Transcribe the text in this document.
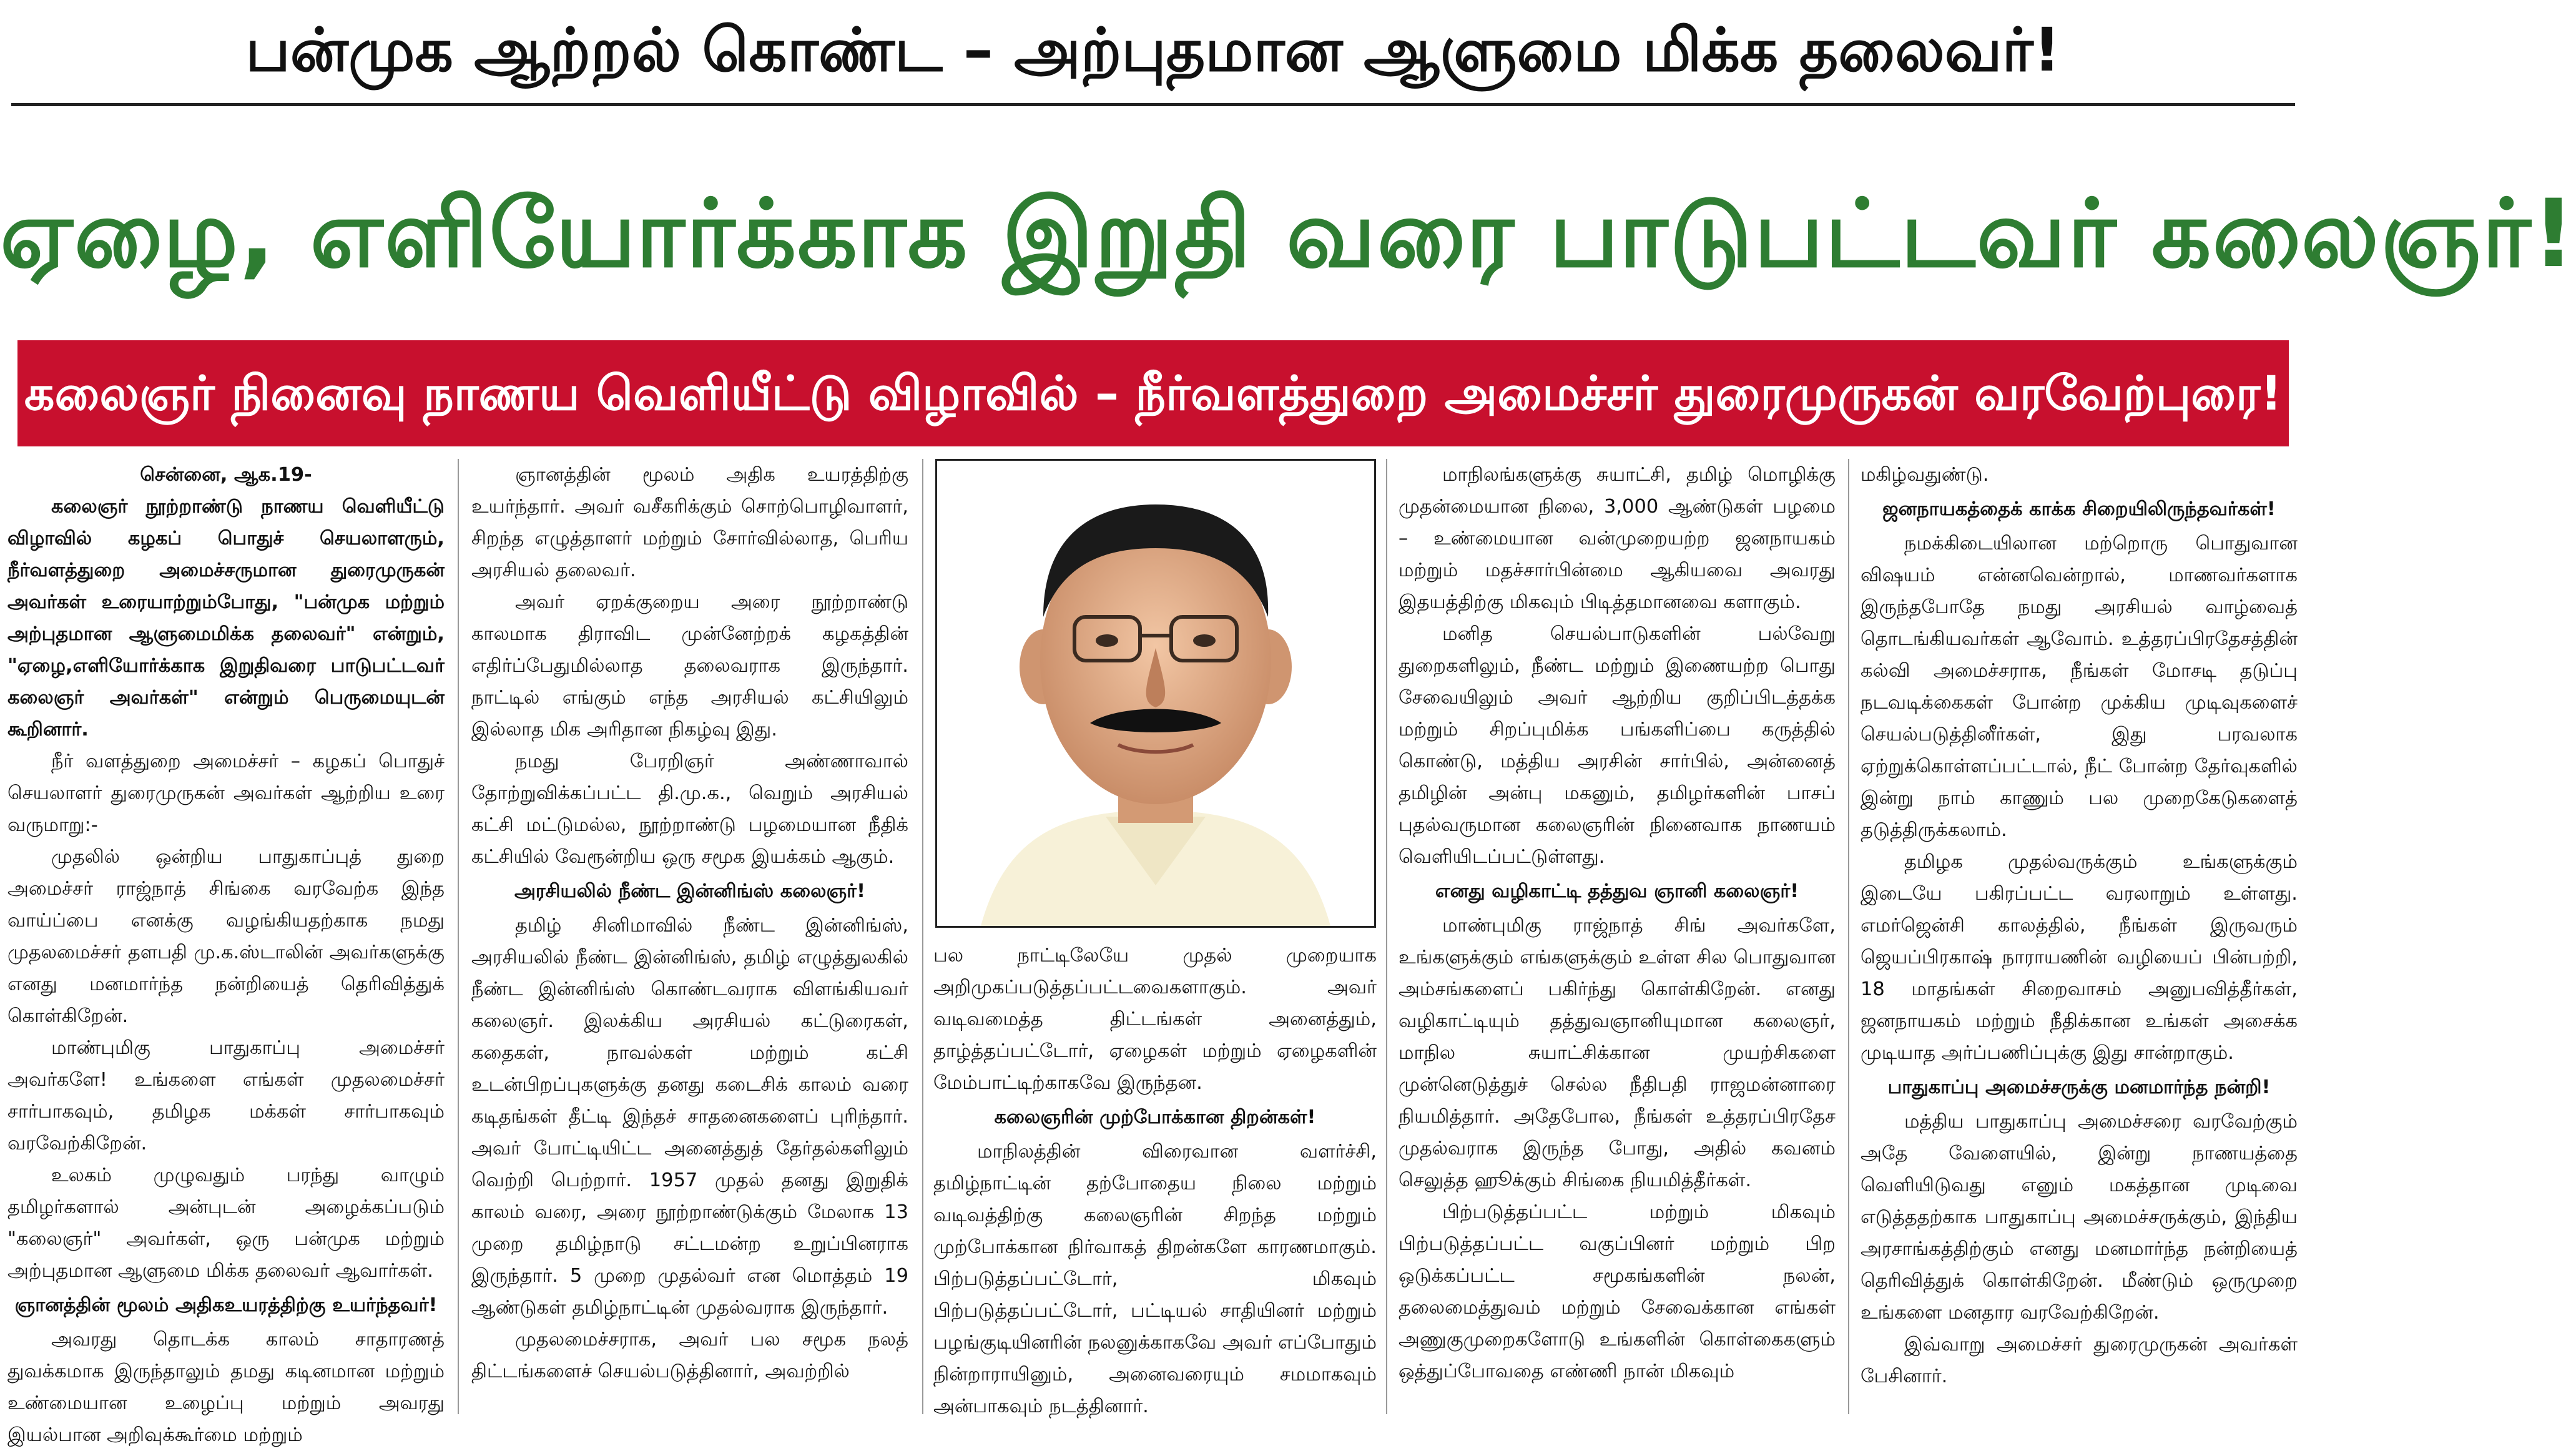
பன்முக ஆற்றல் கொண்ட – அற்புதமான ஆளுமை மிக்க தலைவர்!
ஏழை, எளியோர்க்காக இறுதி வரை பாடுபட்டவர் கலைஞர்!
கலைஞர் நினைவு நாணய வெளியீட்டு விழாவில் – நீர்வளத்துறை அமைச்சர் துரைமுருகன் வரவேற்புரை!

சென்னை, ஆக.19-

கலைஞர் நூற்றாண்டு நாணய வெளியீட்டு விழாவில் கழகப் பொதுச் செயலாளரும், நீர்வளத்துறை அமைச்சருமான துரைமுருகன் அவர்கள் உரையாற்றும்போது, "பன்முக மற்றும் அற்புதமான ஆளுமைமிக்க தலைவர்" என்றும், "ஏழை,எளியோர்க்காக இறுதிவரை பாடுபட்டவர் கலைஞர் அவர்கள்" என்றும் பெருமையுடன் கூறினார்.

நீர் வளத்துறை அமைச்சர் – கழகப் பொதுச் செயலாளர் துரைமுருகன் அவர்கள் ஆற்றிய உரை வருமாறு:-

முதலில் ஒன்றிய பாதுகாப்புத் துறை அமைச்சர் ராஜ்நாத் சிங்கை வரவேற்க இந்த வாய்ப்பை எனக்கு வழங்கியதற்காக நமது முதலமைச்சர் தளபதி மு.க.ஸ்டாலின் அவர்களுக்கு எனது மனமார்ந்த நன்றியைத் தெரிவித்துக் கொள்கிறேன்.

மாண்புமிகு பாதுகாப்பு அமைச்சர் அவர்களே! உங்களை எங்கள் முதலமைச்சர் சார்பாகவும், தமிழக மக்கள் சார்பாகவும் வரவேற்கிறேன்.

உலகம் முழுவதும் பரந்து வாழும் தமிழர்களால் அன்புடன் அழைக்கப்படும் "கலைஞர்" அவர்கள், ஒரு பன்முக மற்றும் அற்புதமான ஆளுமை மிக்க தலைவர் ஆவார்கள்.

ஞானத்தின் மூலம் அதிகஉயரத்திற்கு உயர்ந்தவர்!

அவரது தொடக்க காலம் சாதாரணத் துவக்கமாக இருந்தாலும் தமது கடினமான மற்றும் உண்மையான உழைப்பு மற்றும் அவரது இயல்பான அறிவுக்கூர்மை மற்றும்

ஞானத்தின் மூலம் அதிக உயரத்திற்கு உயர்ந்தார். அவர் வசீகரிக்கும் சொற்பொழிவாளர், சிறந்த எழுத்தாளர் மற்றும் சோர்வில்லாத, பெரிய அரசியல் தலைவர்.

அவர் ஏறக்குறைய அரை நூற்றாண்டு காலமாக திராவிட முன்னேற்றக் கழகத்தின் எதிர்ப்பேதுமில்லாத தலைவராக இருந்தார். நாட்டில் எங்கும் எந்த அரசியல் கட்சியிலும் இல்லாத மிக அரிதான நிகழ்வு இது.

நமது பேரறிஞர் அண்ணாவால் தோற்றுவிக்கப்பட்ட தி.மு.க., வெறும் அரசியல் கட்சி மட்டுமல்ல, நூற்றாண்டு பழமையான நீதிக் கட்சியில் வேரூன்றிய ஒரு சமூக இயக்கம் ஆகும்.

அரசியலில் நீண்ட இன்னிங்ஸ் கலைஞர்!

தமிழ் சினிமாவில் நீண்ட இன்னிங்ஸ், அரசியலில் நீண்ட இன்னிங்ஸ், தமிழ் எழுத்துலகில் நீண்ட இன்னிங்ஸ் கொண்டவராக விளங்கியவர் கலைஞர். இலக்கிய அரசியல் கட்டுரைகள், கதைகள், நாவல்கள் மற்றும் கட்சி உடன்பிறப்புகளுக்கு தனது கடைசிக் காலம் வரை கடிதங்கள் தீட்டி இந்தச் சாதனைகளைப் புரிந்தார். அவர் போட்டியிட்ட அனைத்துத் தேர்தல்களிலும் வெற்றி பெற்றார். 1957 முதல் தனது இறுதிக் காலம் வரை, அரை நூற்றாண்டுக்கும் மேலாக 13 முறை தமிழ்நாடு சட்டமன்ற உறுப்பினராக இருந்தார். 5 முறை முதல்வர் என மொத்தம் 19 ஆண்டுகள் தமிழ்நாட்டின் முதல்வராக இருந்தார்.

முதலமைச்சராக, அவர் பல சமூக நலத் திட்டங்களைச் செயல்படுத்தினார், அவற்றில்

பல நாட்டிலேயே முதல் முறையாக அறிமுகப்படுத்தப்பட்டவைகளாகும். அவர் வடிவமைத்த திட்டங்கள் அனைத்தும், தாழ்த்தப்பட்டோர், ஏழைகள் மற்றும் ஏழைகளின் மேம்பாட்டிற்காகவே இருந்தன.

கலைஞரின் முற்போக்கான திறன்கள்!

மாநிலத்தின் விரைவான வளர்ச்சி, தமிழ்நாட்டின் தற்போதைய நிலை மற்றும் வடிவத்திற்கு கலைஞரின் சிறந்த மற்றும் முற்போக்கான நிர்வாகத் திறன்களே காரணமாகும். பிற்படுத்தப்பட்டோர், மிகவும் பிற்படுத்தப்பட்டோர், பட்டியல் சாதியினர் மற்றும் பழங்குடியினரின் நலனுக்காகவே அவர் எப்போதும் நின்றாராயினும், அனைவரையும் சமமாகவும் அன்பாகவும் நடத்தினார்.

மாநிலங்களுக்கு சுயாட்சி, தமிழ் மொழிக்கு முதன்மையான நிலை, 3,000 ஆண்டுகள் பழமை – உண்மையான வன்முறையற்ற ஜனநாயகம் மற்றும் மதச்சார்பின்மை ஆகியவை அவரது இதயத்திற்கு மிகவும் பிடித்தமானவை களாகும்.

மனித செயல்பாடுகளின் பல்வேறு துறைகளிலும், நீண்ட மற்றும் இணையற்ற பொது சேவையிலும் அவர் ஆற்றிய குறிப்பிடத்தக்க மற்றும் சிறப்புமிக்க பங்களிப்பை கருத்தில் கொண்டு, மத்திய அரசின் சார்பில், அன்னைத் தமிழின் அன்பு மகனும், தமிழர்களின் பாசப் புதல்வருமான கலைஞரின் நினைவாக நாணயம் வெளியிடப்பட்டுள்ளது.

எனது வழிகாட்டி தத்துவ ஞானி கலைஞர்!

மாண்புமிகு ராஜ்நாத் சிங் அவர்களே, உங்களுக்கும் எங்களுக்கும் உள்ள சில பொதுவான அம்சங்களைப் பகிர்ந்து கொள்கிறேன். எனது வழிகாட்டியும் தத்துவஞானியுமான கலைஞர், மாநில சுயாட்சிக்கான முயற்சிகளை முன்னெடுத்துச் செல்ல நீதிபதி ராஜமன்னாரை நியமித்தார். அதேபோல, நீங்கள் உத்தரப்பிரதேச முதல்வராக இருந்த போது, அதில் கவனம் செலுத்த ஹூக்கும் சிங்கை நியமித்தீர்கள்.

பிற்படுத்தப்பட்ட மற்றும் மிகவும் பிற்படுத்தப்பட்ட வகுப்பினர் மற்றும் பிற ஒடுக்கப்பட்ட சமூகங்களின் நலன், தலைமைத்துவம் மற்றும் சேவைக்கான எங்கள் அணுகுமுறைகளோடு உங்களின் கொள்கைகளும் ஒத்துப்போவதை எண்ணி நான் மிகவும்

மகிழ்வதுண்டு.

ஜனநாயகத்தைக் காக்க சிறையிலிருந்தவர்கள்!

நமக்கிடையிலான மற்றொரு பொதுவான விஷயம் என்னவென்றால், மாணவர்களாக இருந்தபோதே நமது அரசியல் வாழ்வைத் தொடங்கியவர்கள் ஆவோம். உத்தரப்பிரதேசத்தின் கல்வி அமைச்சராக, நீங்கள் மோசடி தடுப்பு நடவடிக்கைகள் போன்ற முக்கிய முடிவுகளைச் செயல்படுத்தினீர்கள், இது பரவலாக ஏற்றுக்கொள்ளப்பட்டால், நீட் போன்ற தேர்வுகளில் இன்று நாம் காணும் பல முறைகேடுகளைத் தடுத்திருக்கலாம்.

தமிழக முதல்வருக்கும் உங்களுக்கும் இடையே பகிரப்பட்ட வரலாறும் உள்ளது. எமர்ஜென்சி காலத்தில், நீங்கள் இருவரும் ஜெயப்பிரகாஷ் நாராயணின் வழியைப் பின்பற்றி, 18 மாதங்கள் சிறைவாசம் அனுபவித்தீர்கள், ஜனநாயகம் மற்றும் நீதிக்கான உங்கள் அசைக்க முடியாத அர்ப்பணிப்புக்கு இது சான்றாகும்.

பாதுகாப்பு அமைச்சருக்கு மனமார்ந்த நன்றி!

மத்திய பாதுகாப்பு அமைச்சரை வரவேற்கும் அதே வேளையில், இன்று நாணயத்தை வெளியிடுவது எனும் மகத்தான முடிவை எடுத்ததற்காக பாதுகாப்பு அமைச்சருக்கும், இந்திய அரசாங்கத்திற்கும் எனது மனமார்ந்த நன்றியைத் தெரிவித்துக் கொள்கிறேன். மீண்டும் ஒருமுறை உங்களை மனதார வரவேற்கிறேன்.

இவ்வாறு அமைச்சர் துரைமுருகன் அவர்கள் பேசினார்.
